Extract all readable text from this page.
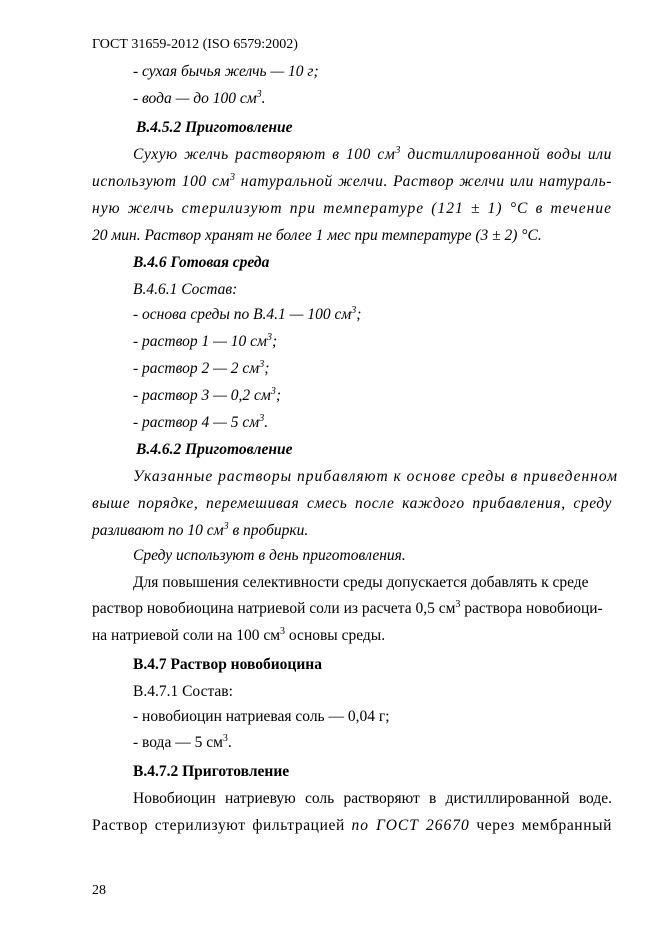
ГОСТ 31659-2012 (ISO 6579:2002)
- сухая бычья желчь — 10 г;
- вода — до 100 $см^3$.
В.4.5.2 Приготовление
Сухую желчь растворяют в 100 $см^3$ дистиллированной воды или
используют 100 $см^3$ натуральной желчи. Раствор желчи или натураль-
ную желчь стерилизуют при температуре (121 ± 1) °С в течение
20 мин. Раствор хранят не более 1 мес при температуре (3 ± 2) °С.
В.4.6 Готовая среда
В.4.6.1 Состав:
- основа среды по В.4.1 — 100 $см^3$;
- раствор 1 — 10 $см^3$;
- раствор 2 — 2 $см^3$;
- раствор 3 — 0,2 $см^3$;
- раствор 4 — 5 $см^3$.
В.4.6.2 Приготовление
Указанные растворы прибавляют к основе среды в приведенном
выше порядке, перемешивая смесь после каждого прибавления, среду
разливают по 10 $см^3$ в пробирки.
Среду используют в день приготовления.
Для повышения селективности среды допускается добавлять к среде
раствор новобиоцина натриевой соли из расчета 0,5 $см^3$ раствора новобиоци-
на натриевой соли на 100 $см^3$ основы среды.
В.4.7 Раствор новобиоцина
В.4.7.1 Состав:
- новобиоцин натриевая соль — 0,04 г;
- вода — 5 $см^3$.
В.4.7.2 Приготовление
Новобиоцин натриевую соль растворяют в дистиллированной воде.
Раствор стерилизуют фильтрацией по ГОСТ 26670 через мембранный
28
